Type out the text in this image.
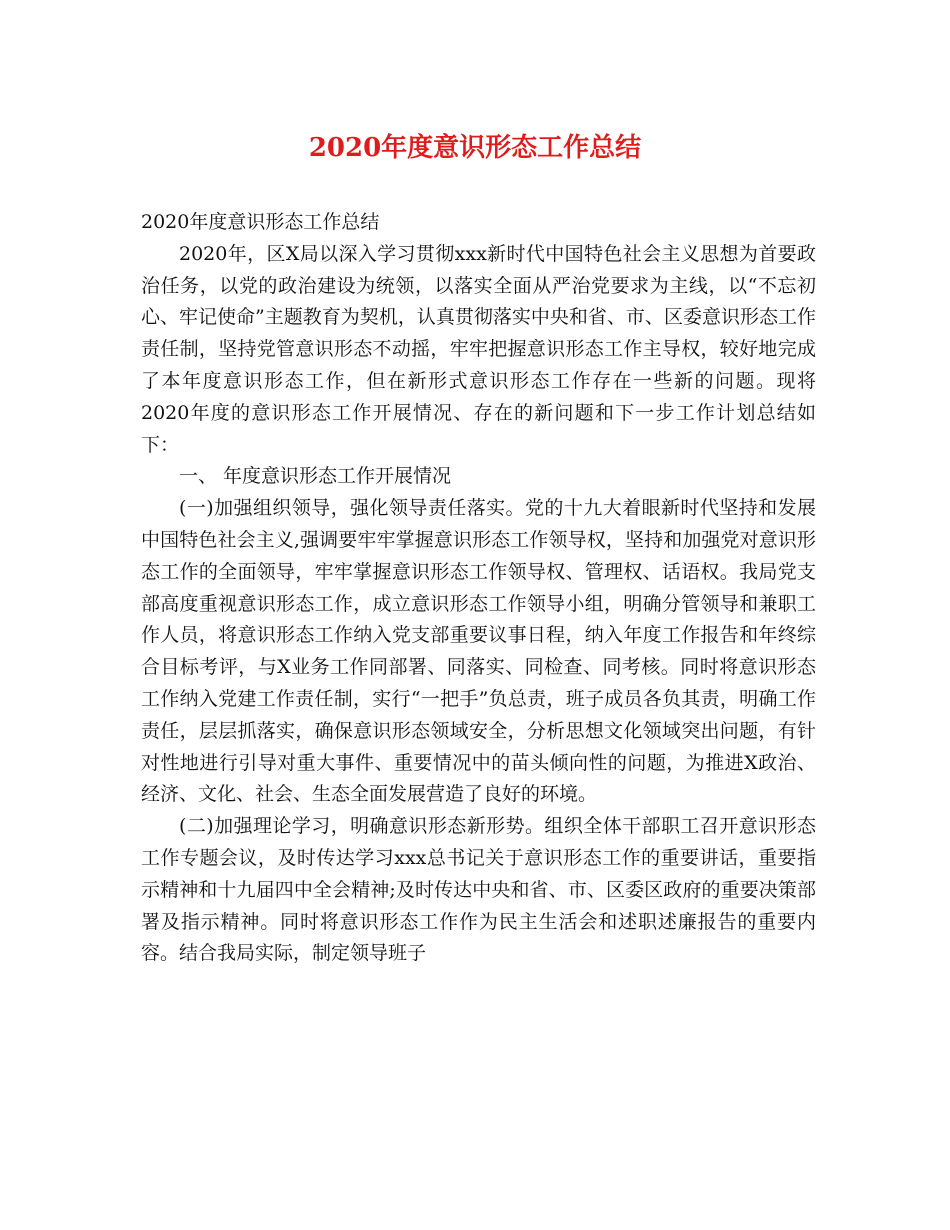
2020年度意识形态工作总结

2020年度意识形态工作总结

2020年，区X局以深入学习贯彻xxx新时代中国特色社会主义思想为首要政治任务，以党的政治建设为统领，以落实全面从严治党要求为主线，以“不忘初心、牢记使命”主题教育为契机，认真贯彻落实中央和省、市、区委意识形态工作责任制，坚持党管意识形态不动摇，牢牢把握意识形态工作主导权，较好地完成了本年度意识形态工作，但在新形式意识形态工作存在一些新的问题。现将2020年度的意识形态工作开展情况、存在的新问题和下一步工作计划总结如下：

一、 年度意识形态工作开展情况

(一)加强组织领导，强化领导责任落实。党的十九大着眼新时代坚持和发展中国特色社会主义,强调要牢牢掌握意识形态工作领导权，坚持和加强党对意识形态工作的全面领导，牢牢掌握意识形态工作领导权、管理权、话语权。我局党支部高度重视意识形态工作，成立意识形态工作领导小组，明确分管领导和兼职工作人员，将意识形态工作纳入党支部重要议事日程，纳入年度工作报告和年终综合目标考评，与X业务工作同部署、同落实、同检查、同考核。同时将意识形态工作纳入党建工作责任制，实行“一把手”负总责，班子成员各负其责，明确工作责任，层层抓落实，确保意识形态领域安全，分析思想文化领域突出问题，有针对性地进行引导对重大事件、重要情况中的苗头倾向性的问题，为推进X政治、经济、文化、社会、生态全面发展营造了良好的环境。

(二)加强理论学习，明确意识形态新形势。组织全体干部职工召开意识形态工作专题会议，及时传达学习xxx总书记关于意识形态工作的重要讲话，重要指示精神和十九届四中全会精神;及时传达中央和省、市、区委区政府的重要决策部署及指示精神。同时将意识形态工作作为民主生活会和述职述廉报告的重要内容。结合我局实际，制定领导班子
